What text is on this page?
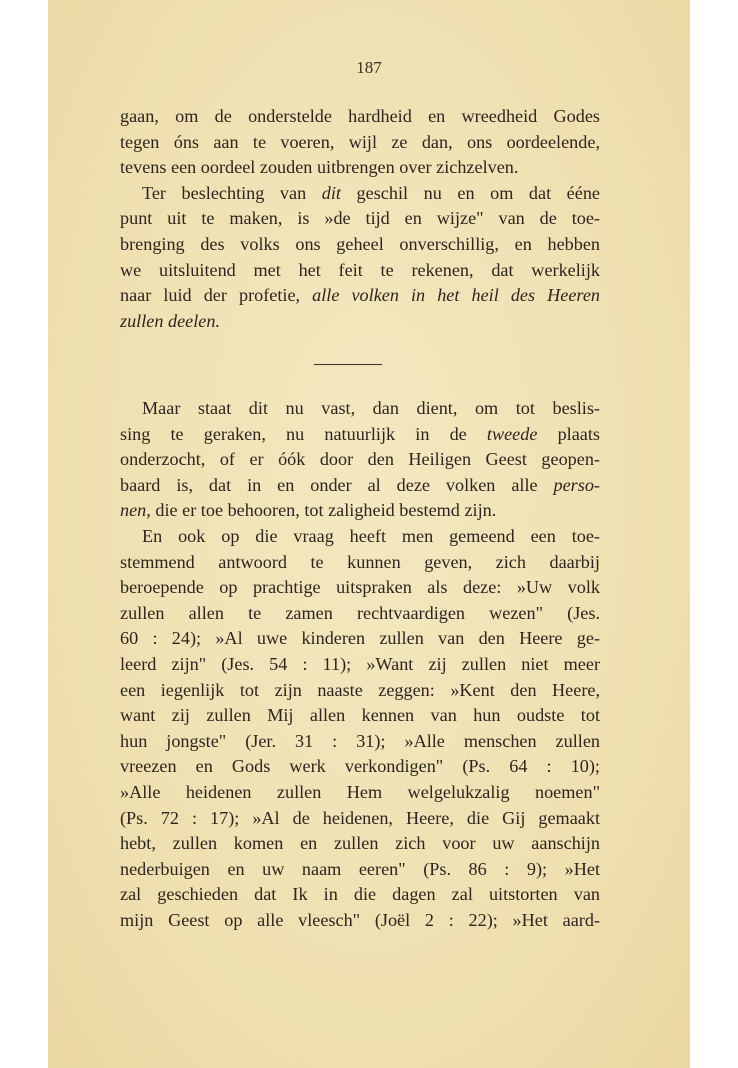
187
gaan, om de onderstelde hardheid en wreedheid Godes
tegen óns aan te voeren, wijl ze dan, ons oordeelende,
tevens een oordeel zouden uitbrengen over zichzelven.
Ter beslechting van dit geschil nu en om dat ééne
punt uit te maken, is »de tijd en wijze" van de toe-
brenging des volks ons geheel onverschillig, en hebben
we uitsluitend met het feit te rekenen, dat werkelijk
naar luid der profetie, alle volken in het heil des Heeren
zullen deelen.
Maar staat dit nu vast, dan dient, om tot beslis-
sing te geraken, nu natuurlijk in de tweede plaats
onderzocht, of er óók door den Heiligen Geest geopen-
baard is, dat in en onder al deze volken alle perso-
nen, die er toe behooren, tot zaligheid bestemd zijn.
En ook op die vraag heeft men gemeend een toe-
stemmend antwoord te kunnen geven, zich daarbij
beroepende op prachtige uitspraken als deze: »Uw volk
zullen allen te zamen rechtvaardigen wezen" (Jes.
60 : 24); »Al uwe kinderen zullen van den Heere ge-
leerd zijn" (Jes. 54 : 11); »Want zij zullen niet meer
een iegenlijk tot zijn naaste zeggen: »Kent den Heere,
want zij zullen Mij allen kennen van hun oudste tot
hun jongste" (Jer. 31 : 31); »Alle menschen zullen
vreezen en Gods werk verkondigen" (Ps. 64 : 10);
»Alle heidenen zullen Hem welgelukzalig noemen"
(Ps. 72 : 17); »Al de heidenen, Heere, die Gij gemaakt
hebt, zullen komen en zullen zich voor uw aanschijn
nederbuigen en uw naam eeren" (Ps. 86 : 9); »Het
zal geschieden dat Ik in die dagen zal uitstorten van
mijn Geest op alle vleesch" (Joël 2 : 22); »Het aard-
